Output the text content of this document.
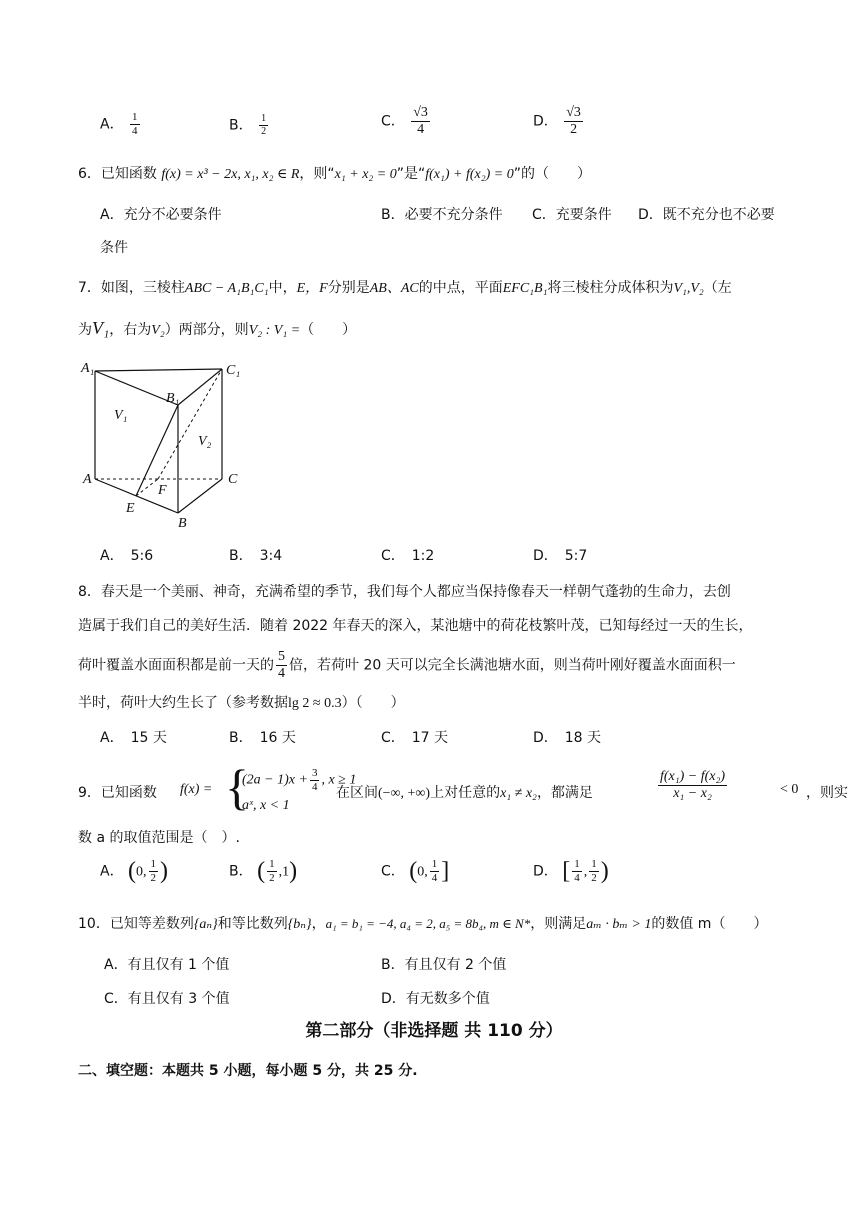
A． $\frac{1}{4}$	B． $\frac{1}{2}$	C． $\frac{√3}{4}$	D． $\frac{√3}{2}$
6．已知函数 f(x) = x³ − 2x, x₁, x₂ ∈ R，则“x₁ + x₂ = 0”是“f(x₁) + f(x₂) = 0”的（　　）
A．充分不必要条件	B．必要不充分条件 C．充要条件 D．既不充分也不必要
条件
7．如图，三棱柱ABC − A₁B₁C₁中，E，F分别是AB、AC的中点，平面EFC₁B₁将三棱柱分成体积为V₁,V₂（左
为V₁，右为V₂）两部分，则V₂ : V₁ =（　　）
A₁
B₁
C₁
A	C
B
E
F
V₁
V₂
A．　5:6	B．　3:4	C．　1:2	D．　5:7
8．春天是一个美丽、神奇，充满希望的季节，我们每个人都应当保持像春天一样朝气蓬勃的生命力，去创
造属于我们自己的美好生活．随着 2022 年春天的深入，某池塘中的荷花枝繁叶茂，已知每经过一天的生长，
荷叶覆盖水面面积都是前一天的 $\frac{5}{4}$ 倍，若荷叶 20 天可以完全长满池塘水面，则当荷叶刚好覆盖水面面积一
半时，荷叶大约生长了（参考数据lg 2 ≈ 0.3）（　　）
A．　15 天	B．　16 天	C．　17 天	D．　18 天
9．已知函数 f(x) = {
$(2a - 1)x + \frac{3}{4}$ , x ≥ 1
aˣ, x < 1
在区间(−∞, +∞)上对任意的x₁ ≠ x₂，都满足	$\frac{\text{f(x₁) − f(x₂)}}{\text{x₁ − x₂}}$	< 0 ，则实
数 a 的取值范围是（　）.
A． (0, $\frac{1}{2}$ )	B． ( $\frac{1}{2} ,1$)	C． (0, $\frac{1}{4}$ ]	D． [ $\frac{1}{4}$ , $\frac{1}{2}$ )
10．已知等差数列{aₙ}和等比数列{bₙ}，a₁ = b₁ = −4, a₄ = 2, a₅ = 8b₄, m ∈ N*，则满足aₘ · bₘ > 1的数值 m（　　）
A．有且仅有 1 个值	B．有且仅有 2 个值
C．有且仅有 3 个值	D．有无数多个值
第二部分（非选择题 共 110 分）
二、填空题：本题共 5 小题，每小题 5 分，共 25 分.
